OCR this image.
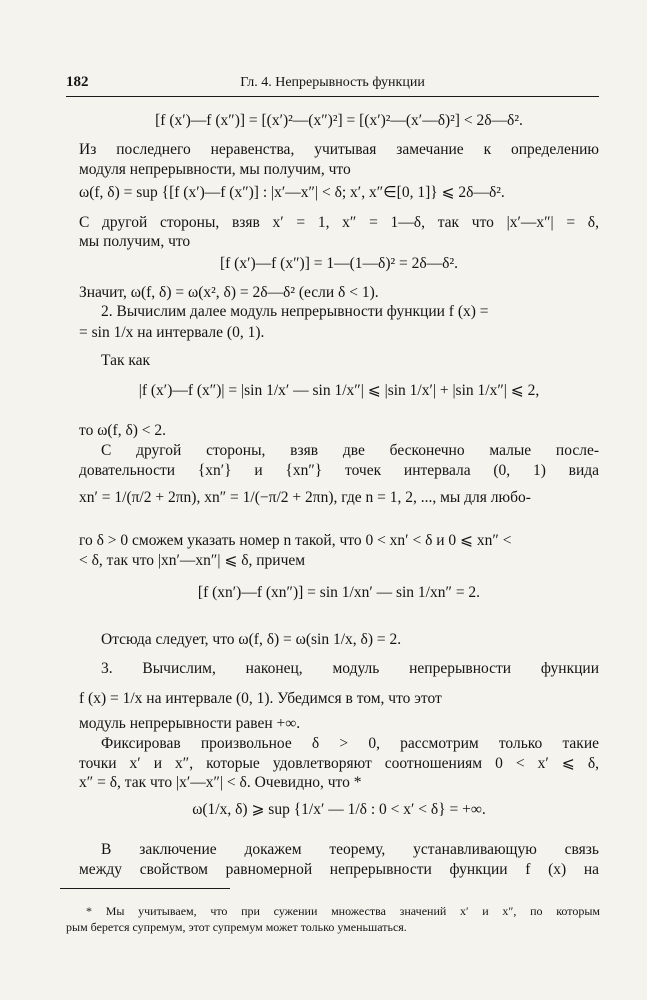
182	Гл. 4. Непрерывность функции
[f (x′)—f (x″)] = [(x′)²—(x″)²] = [(x′)²—(x′—δ)²] < 2δ—δ².
Из последнего неравенства, учитывая замечание к определению
модуля непрерывности, мы получим, что
ω(f, δ) = sup {[f (x′)—f (x″)] : |x′—x″| < δ; x′, x″∈[0, 1]} ⩽ 2δ—δ².
С другой стороны, взяв x′ = 1, x″ = 1—δ, так что |x′—x″| = δ,
мы получим, что
[f (x′)—f (x″)] = 1—(1—δ)² = 2δ—δ².
Значит, ω(f, δ) = ω(x², δ) = 2δ—δ² (если δ < 1).
2. Вычислим далее модуль непрерывности функции f (x) =
= sin 1/x на интервале (0, 1).
Так как
|f (x′)—f (x″)| = |sin 1/x′ — sin 1/x″| ⩽ |sin 1/x′| + |sin 1/x″| ⩽ 2,
то ω(f, δ) < 2.
С другой стороны, взяв две бесконечно малые после-
довательности {xn′} и {xn″} точек интервала (0, 1) вида
xn′ = 1/(π/2 + 2πn), xn″ = 1/(−π/2 + 2πn), где n = 1, 2, ..., мы для любо-
го δ > 0 сможем указать номер n такой, что 0 < xn′ < δ и 0 ⩽ xn″ <
< δ, так что |xn′—xn″| ⩽ δ, причем
[f (xn′)—f (xn″)] = sin 1/xn′ — sin 1/xn″ = 2.
Отсюда следует, что ω(f, δ) = ω(sin 1/x, δ) = 2.
3. Вычислим, наконец, модуль непрерывности функции
f (x) = 1/x на интервале (0, 1). Убедимся в том, что этот
модуль непрерывности равен +∞.
Фиксировав произвольное δ > 0, рассмотрим только такие
точки x′ и x″, которые удовлетворяют соотношениям 0 < x′ ⩽ δ,
x″ = δ, так что |x′—x″| < δ. Очевидно, что *
ω(1/x, δ) ⩾ sup {1/x′ — 1/δ : 0 < x′ < δ} = +∞.
В заключение докажем теорему, устанавливающую связь
между свойством равномерной непрерывности функции f (x) на
* Мы учитываем, что при сужении множества значений x′ и x″, по которым
рым берется супремум, этот супремум может только уменьшаться.
